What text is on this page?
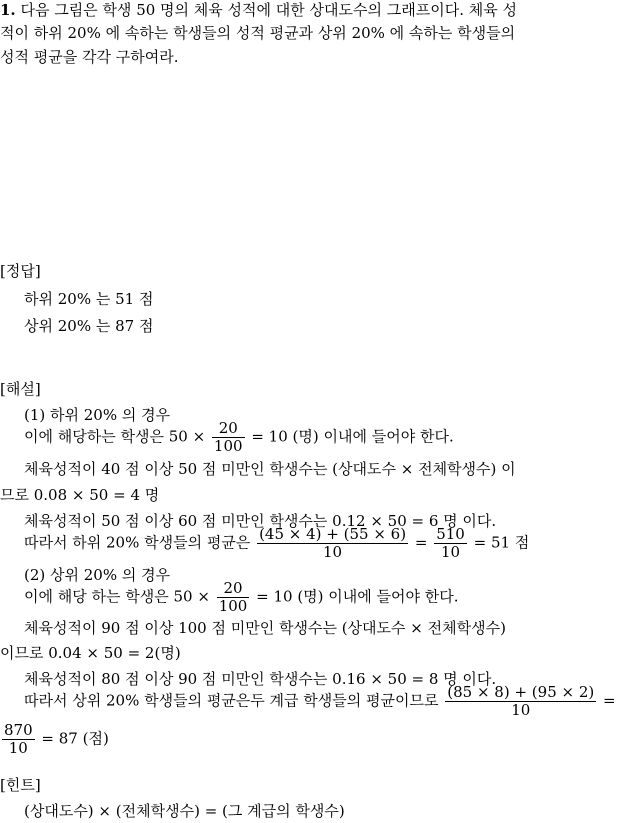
1. 다음 그림은 학생 50 명의 체육 성적에 대한 상대도수의 그래프이다. 체육 성
적이 하위 20% 에 속하는 학생들의 성적 평균과 상위 20% 에 속하는 학생들의
성적 평균을 각각 구하여라.
[정답]
하위 20% 는 51 점
상위 20% 는 87 점
[해설]
(1) 하위 20% 의 경우
이에 해당하는 학생은 $50 \times \frac{20}{100} = 10$ (명) 이내에 들어야 한다.
체육성적이 40 점 이상 50 점 미만인 학생수는 (상대도수 × 전체학생수) 이
므로 0.08 × 50 = 4 명
체육성적이 50 점 이상 60 점 미만인 학생수는 0.12 × 50 = 6 명 이다.
따라서 하위 20% 학생들의 평균은 $\frac{(45 \times 4) + (55 \times 6)}{10} = \frac{510}{10} = 51$ 점
(2) 상위 20% 의 경우
이에 해당 하는 학생은 $50 \times \frac{20}{100} = 10$ (명) 이내에 들어야 한다.
체육성적이 90 점 이상 100 점 미만인 학생수는 (상대도수 × 전체학생수)
이므로 0.04 × 50 = 2(명)
체육성적이 80 점 이상 90 점 미만인 학생수는 0.16 × 50 = 8 명 이다.
따라서 상위 20% 학생들의 평균은두 계급 학생들의 평균이므로 $\frac{(85 \times 8) + (95 \times 2)}{10}$ =
$\frac{870}{10} = 87$ (점)
[힌트]
(상대도수) × (전체학생수) = (그 계급의 학생수)
